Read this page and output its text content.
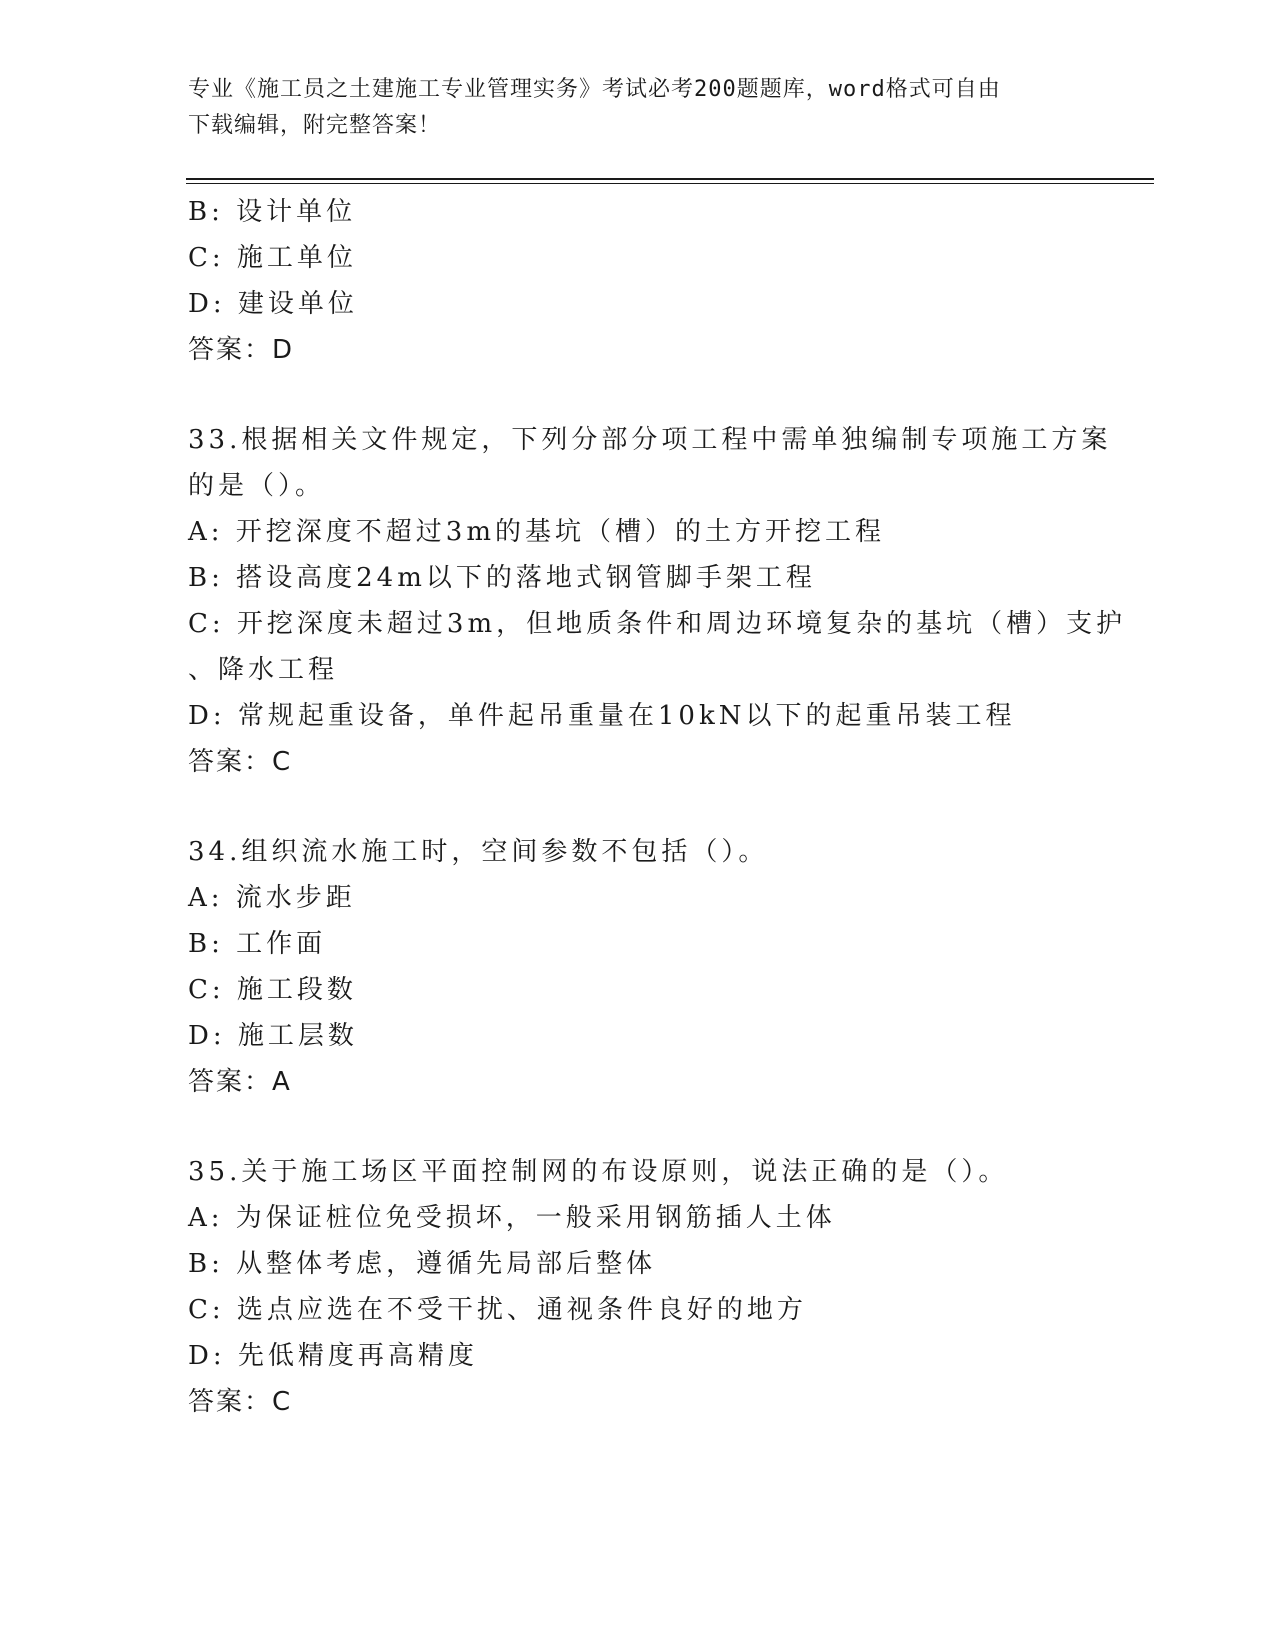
专业《施工员之土建施工专业管理实务》考试必考200题题库，word格式可自由
下载编辑，附完整答案！
B: 设计单位
C: 施工单位
D: 建设单位
答案：D
33.根据相关文件规定，下列分部分项工程中需单独编制专项施工方案
的是（）。
A: 开挖深度不超过3m的基坑（槽）的土方开挖工程
B: 搭设高度24m以下的落地式钢管脚手架工程
C: 开挖深度未超过3m，但地质条件和周边环境复杂的基坑（槽）支护
、降水工程
D: 常规起重设备，单件起吊重量在10kN以下的起重吊装工程
答案：C
34.组织流水施工时，空间参数不包括（）。
A: 流水步距
B: 工作面
C: 施工段数
D: 施工层数
答案：A
35.关于施工场区平面控制网的布设原则，说法正确的是（）。
A: 为保证桩位免受损坏，一般采用钢筋插人土体
B: 从整体考虑，遵循先局部后整体
C: 选点应选在不受干扰、通视条件良好的地方
D: 先低精度再高精度
答案：C
